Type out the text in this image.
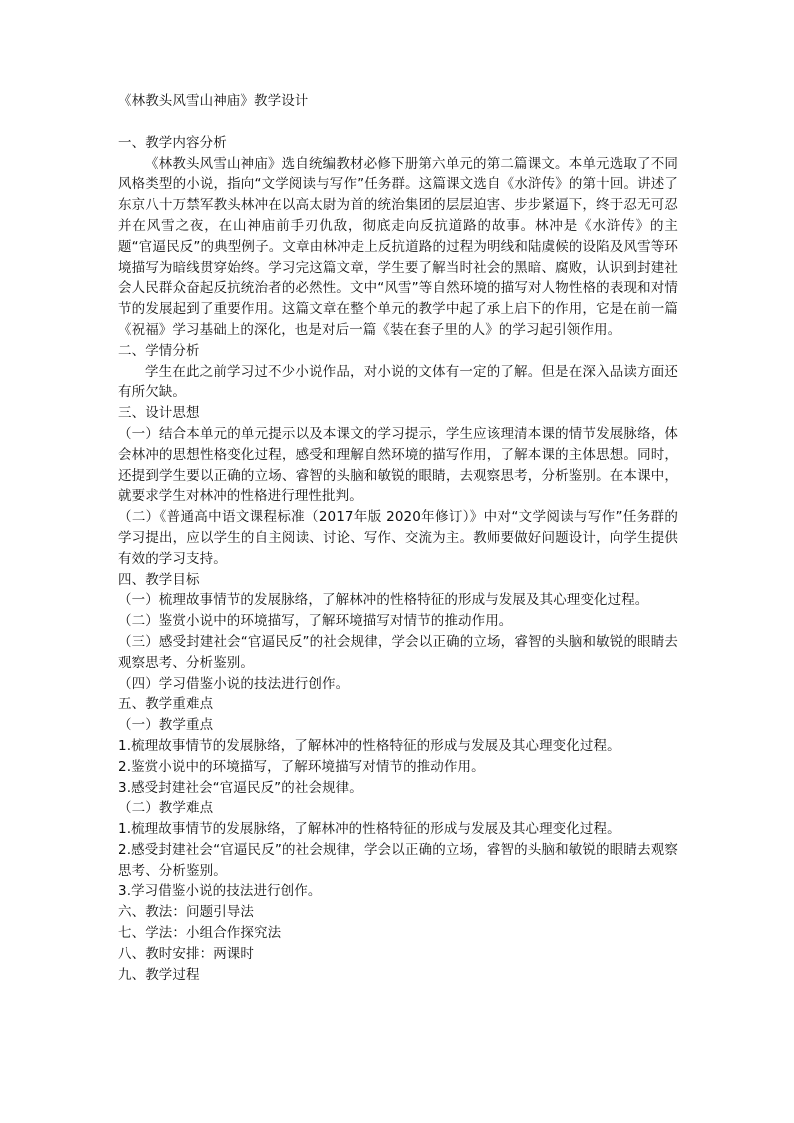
《林教头风雪山神庙》教学设计

一、教学内容分析

《林教头风雪山神庙》选自统编教材必修下册第六单元的第二篇课文。本单元选取了不同风格类型的小说，指向“文学阅读与写作”任务群。这篇课文选自《水浒传》的第十回。讲述了东京八十万禁军教头林冲在以高太尉为首的统治集团的层层迫害、步步紧逼下，终于忍无可忍并在风雪之夜，在山神庙前手刃仇敌，彻底走向反抗道路的故事。林冲是《水浒传》的主题“官逼民反”的典型例子。文章由林冲走上反抗道路的过程为明线和陆虞候的设陷及风雪等环境描写为暗线贯穿始终。学习完这篇文章，学生要了解当时社会的黑暗、腐败，认识到封建社会人民群众奋起反抗统治者的必然性。文中“风雪”等自然环境的描写对人物性格的表现和对情节的发展起到了重要作用。这篇文章在整个单元的教学中起了承上启下的作用，它是在前一篇《祝福》学习基础上的深化，也是对后一篇《装在套子里的人》的学习起引领作用。

二、学情分析

学生在此之前学习过不少小说作品，对小说的文体有一定的了解。但是在深入品读方面还有所欠缺。

三、设计思想

（一）结合本单元的单元提示以及本课文的学习提示，学生应该理清本课的情节发展脉络，体会林冲的思想性格变化过程，感受和理解自然环境的描写作用，了解本课的主体思想。同时，还提到学生要以正确的立场、睿智的头脑和敏锐的眼睛，去观察思考，分析鉴别。在本课中，就要求学生对林冲的性格进行理性批判。

（二）《普通高中语文课程标准（2017年版 2020年修订）》中对“文学阅读与写作”任务群的学习提出，应以学生的自主阅读、讨论、写作、交流为主。教师要做好问题设计，向学生提供有效的学习支持。

四、教学目标

（一）梳理故事情节的发展脉络，了解林冲的性格特征的形成与发展及其心理变化过程。

（二）鉴赏小说中的环境描写，了解环境描写对情节的推动作用。

（三）感受封建社会“官逼民反”的社会规律，学会以正确的立场，睿智的头脑和敏锐的眼睛去观察思考、分析鉴别。

（四）学习借鉴小说的技法进行创作。

五、教学重难点

（一）教学重点

1.梳理故事情节的发展脉络，了解林冲的性格特征的形成与发展及其心理变化过程。

2.鉴赏小说中的环境描写，了解环境描写对情节的推动作用。

3.感受封建社会“官逼民反”的社会规律。

（二）教学难点

1.梳理故事情节的发展脉络，了解林冲的性格特征的形成与发展及其心理变化过程。

2.感受封建社会“官逼民反”的社会规律，学会以正确的立场，睿智的头脑和敏锐的眼睛去观察思考、分析鉴别。

3.学习借鉴小说的技法进行创作。

六、教法：问题引导法

七、学法：小组合作探究法

八、教时安排：两课时

九、教学过程
